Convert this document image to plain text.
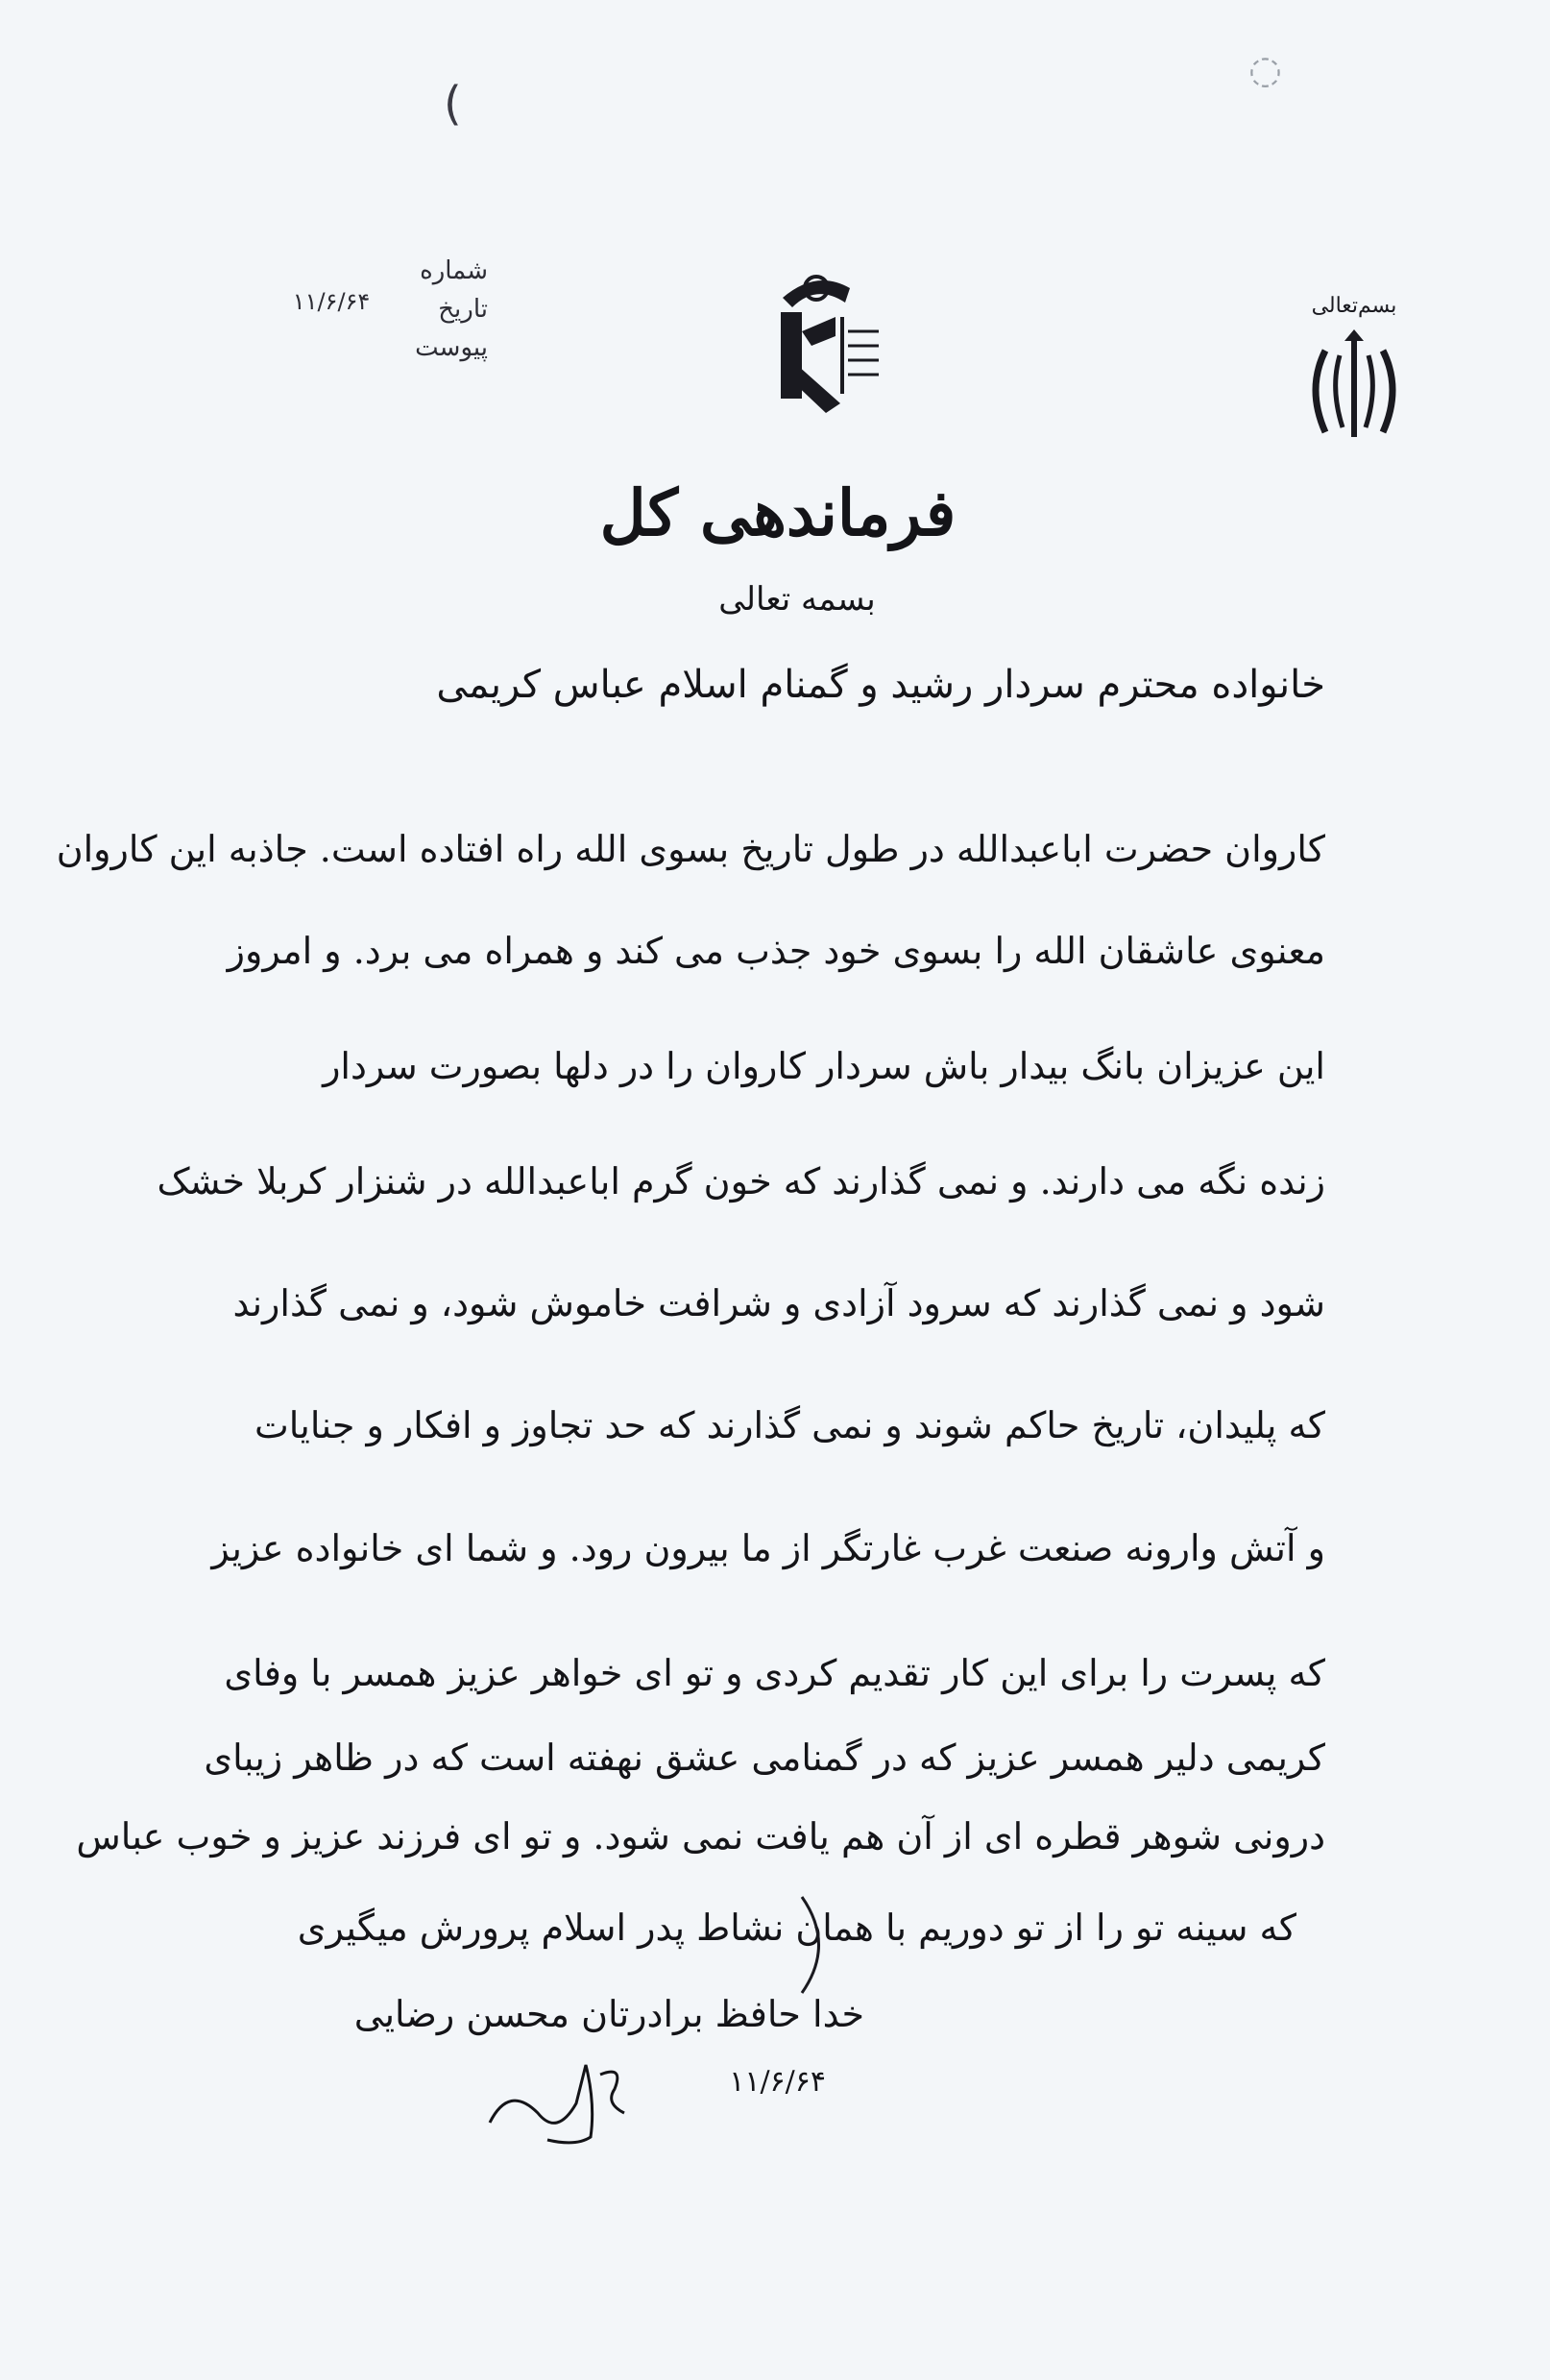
(
◌
شماره
تاریخ
پیوست
۱۱/۶/۶۴	بسم‌تعالی
فرماندهی کل
بسمه تعالی
خانواده محترم سردار رشید و گمنام اسلام عباس کریمی
کاروان حضرت اباعبدالله در طول تاریخ بسوی الله راه افتاده است. جاذبه این کاروان
معنوی عاشقان الله را بسوی خود جذب می کند و همراه می برد. و امروز
این عزیزان بانگ بیدار باش سردار کاروان را در دلها بصورت سردار
زنده نگه می دارند. و نمی گذارند که خون گرم اباعبدالله در شنزار کربلا خشک
شود و نمی گذارند که سرود آزادی و شرافت خاموش شود، و نمی گذارند
که پلیدان، تاریخ حاکم شوند و نمی گذارند که حد تجاوز و افکار و جنایات
و آتش وارونه صنعت غرب غارتگر از ما بیرون رود. و شما ای خانواده عزیز
که پسرت را برای این کار تقدیم کردی و تو ای خواهر عزیز همسر با وفای
کریمی دلیر همسر عزیز که در گمنامی عشق نهفته است که در ظاهر زیبای
درونی شوهر قطره ای از آن هم یافت نمی شود. و تو ای فرزند عزیز و خوب عباس
که سینه تو را از تو دوریم با همان نشاط پدر اسلام پرورش میگیری
خدا حافظ برادرتان محسن رضایی
۱۱/۶/۶۴
